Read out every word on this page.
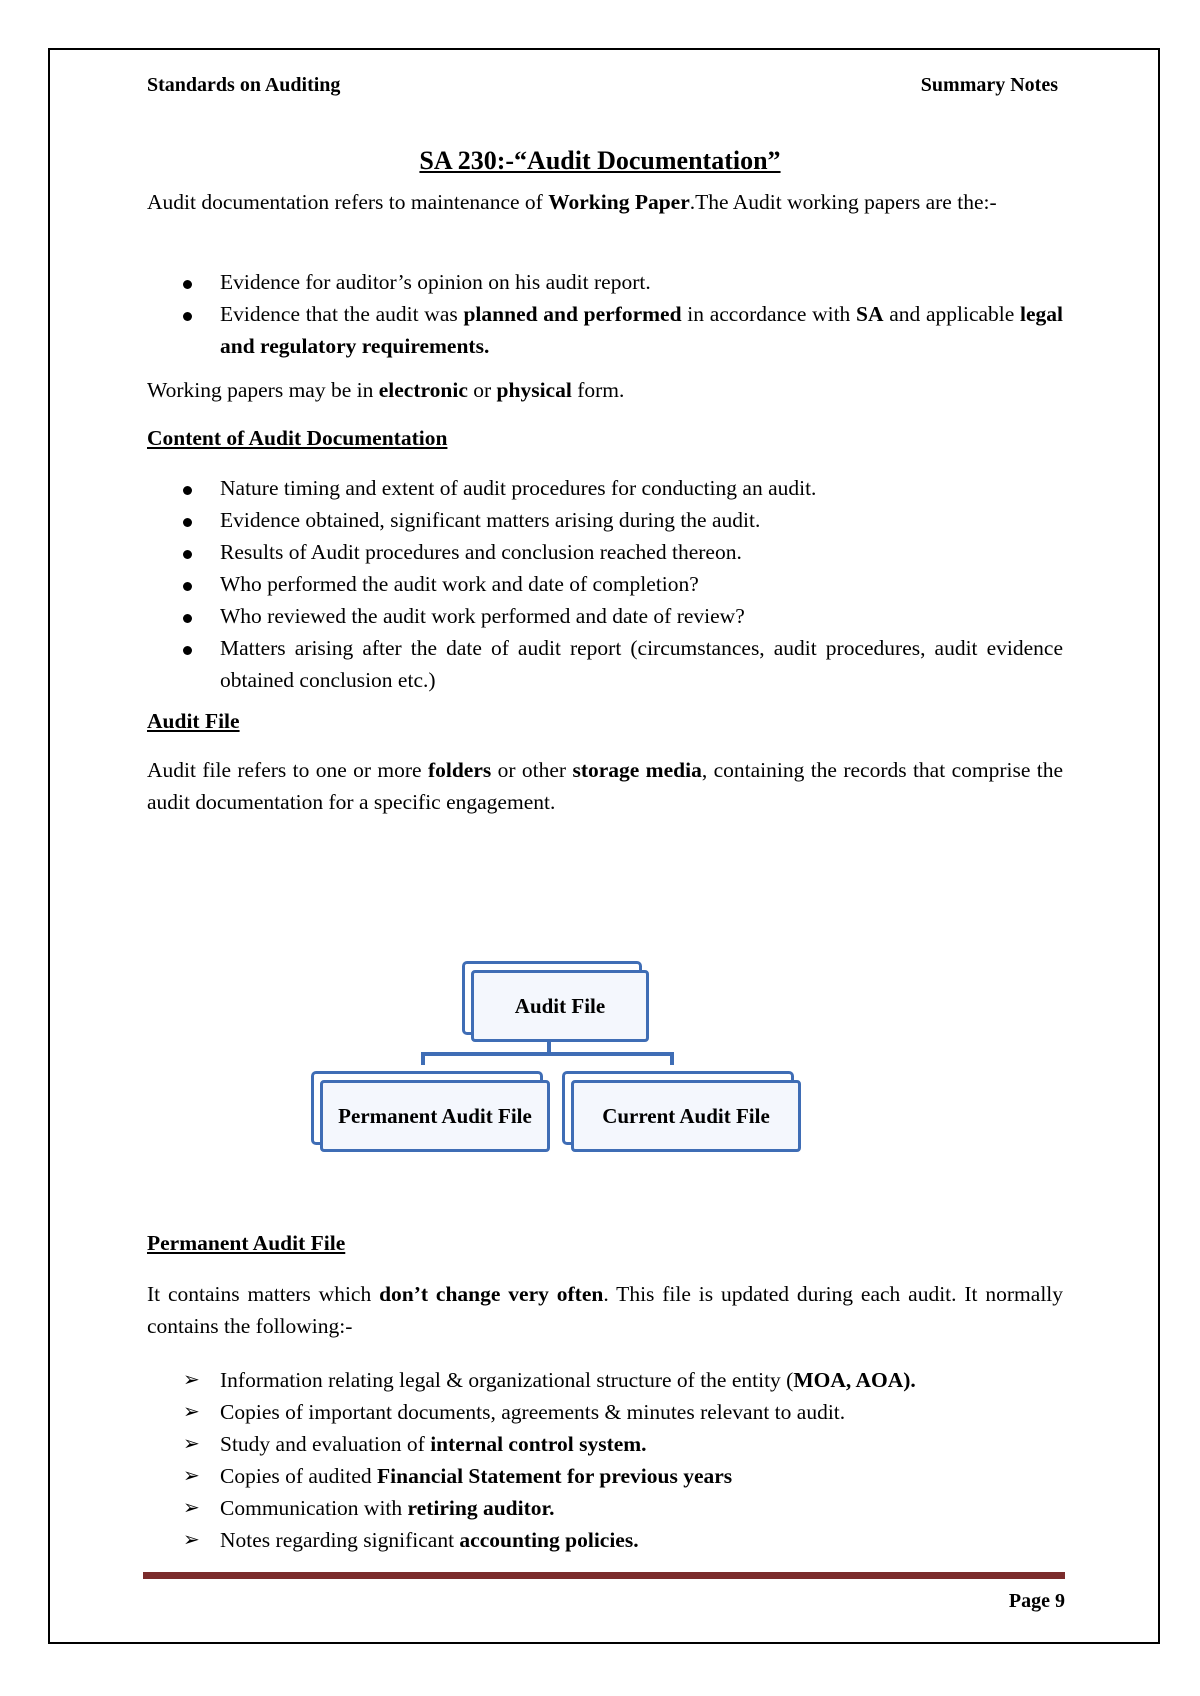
Standards on Auditing	Summary Notes
SA 230:-“Audit Documentation”

Audit documentation refers to maintenance of Working Paper.The Audit working papers are the:-

Evidence for auditor’s opinion on his audit report.
Evidence that the audit was planned and performed in accordance with SA and applicable legal and regulatory requirements.

Working papers may be in electronic or physical form.

Content of Audit Documentation

Nature timing and extent of audit procedures for conducting an audit.
Evidence obtained, significant matters arising during the audit.
Results of Audit procedures and conclusion reached thereon.
Who performed the audit work and date of completion?
Who reviewed the audit work performed and date of review?
Matters arising after the date of audit report (circumstances, audit procedures, audit evidence obtained conclusion etc.)

Audit File

Audit file refers to one or more folders or other storage media, containing the records that comprise the audit documentation for a specific engagement.

Audit File
Permanent Audit File	Current Audit File

Permanent Audit File

It contains matters which don’t change very often. This file is updated during each audit. It normally contains the following:-

➢ Information relating legal & organizational structure of the entity (MOA, AOA).
➢ Copies of important documents, agreements & minutes relevant to audit.
➢ Study and evaluation of internal control system.
➢ Copies of audited Financial Statement for previous years
➢ Communication with retiring auditor.
➢ Notes regarding significant accounting policies.
Page 9
